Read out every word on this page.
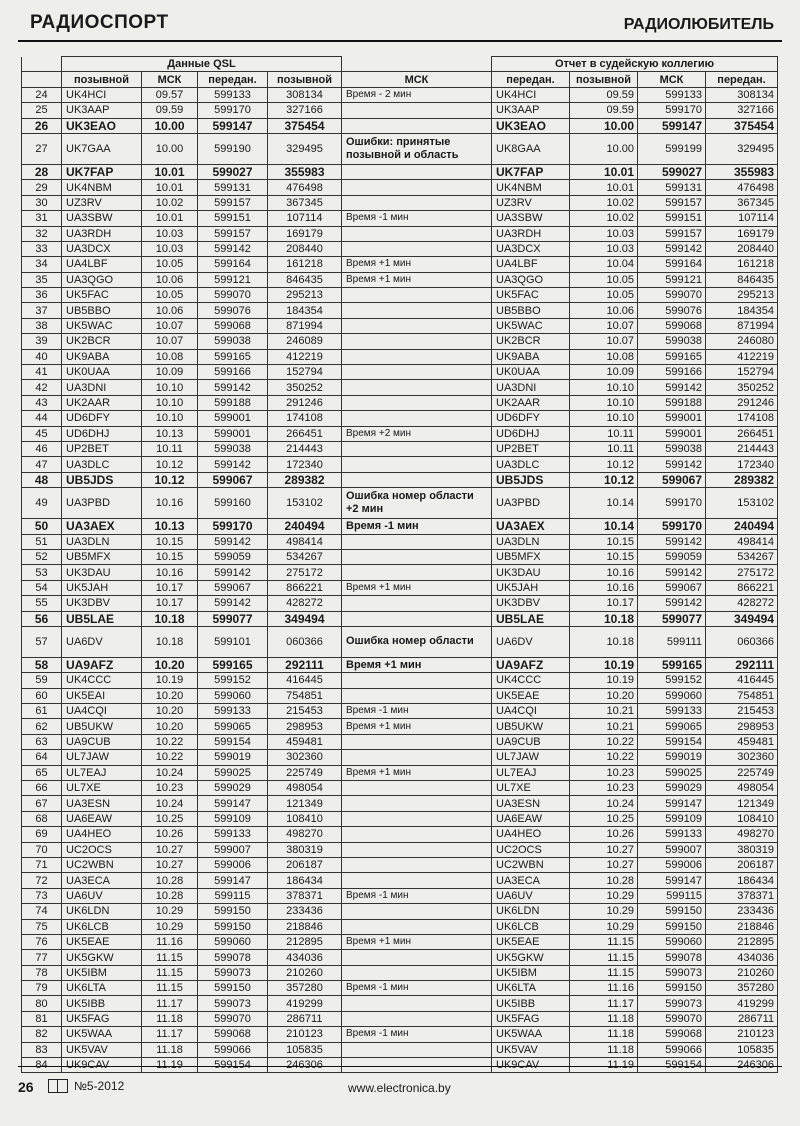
РАДИОСПОРТ	РАДИОЛЮБИТЕЛЬ
	Данные QSL					Отчет в судейскую коллегию			
	позывной	МСК	передан.	позывной	МСК	передан.	позывной	МСК	передан.
24	UK4HCI	09.57	599133	308134	Время - 2 мин	UK4HCI	09.59	599133	308134
25	UK3AAP	09.59	599170	327166		UK3AAP	09.59	599170	327166
26	UK3EAO	10.00	599147	375454		UK3EAO	10.00	599147	375454
27	UK7GAA	10.00	599190	329495	Ошибки: принятые позывной и область	UK8GAA	10.00	599199	329495
28	UK7FAP	10.01	599027	355983		UK7FAP	10.01	599027	355983
29	UK4NBM	10.01	599131	476498		UK4NBM	10.01	599131	476498
30	UZ3RV	10.02	599157	367345		UZ3RV	10.02	599157	367345
31	UA3SBW	10.01	599151	107114	Время -1 мин	UA3SBW	10.02	599151	107114
32	UA3RDH	10.03	599157	169179		UA3RDH	10.03	599157	169179
33	UA3DCX	10.03	599142	208440		UA3DCX	10.03	599142	208440
34	UA4LBF	10.05	599164	161218	Время +1 мин	UA4LBF	10.04	599164	161218
35	UA3QGO	10.06	599121	846435	Время +1 мин	UA3QGO	10.05	599121	846435
36	UK5FAC	10.05	599070	295213		UK5FAC	10.05	599070	295213
37	UB5BBO	10.06	599076	184354		UB5BBO	10.06	599076	184354
38	UK5WAC	10.07	599068	871994		UK5WAC	10.07	599068	871994
39	UK2BCR	10.07	599038	246089		UK2BCR	10.07	599038	246080
40	UK9ABA	10.08	599165	412219		UK9ABA	10.08	599165	412219
41	UK0UAA	10.09	599166	152794		UK0UAA	10.09	599166	152794
42	UA3DNI	10.10	599142	350252		UA3DNI	10.10	599142	350252
43	UK2AAR	10.10	599188	291246		UK2AAR	10.10	599188	291246
44	UD6DFY	10.10	599001	174108		UD6DFY	10.10	599001	174108
45	UD6DHJ	10.13	599001	266451	Время +2 мин	UD6DHJ	10.11	599001	266451
46	UP2BET	10.11	599038	214443		UP2BET	10.11	599038	214443
47	UA3DLC	10.12	599142	172340		UA3DLC	10.12	599142	172340
48	UB5JDS	10.12	599067	289382		UB5JDS	10.12	599067	289382
49	UA3PBD	10.16	599160	153102	Ошибка номер области +2 мин	UA3PBD	10.14	599170	153102
50	UA3AEX	10.13	599170	240494	Время -1 мин	UA3AEX	10.14	599170	240494
51	UA3DLN	10.15	599142	498414		UA3DLN	10.15	599142	498414
52	UB5MFX	10.15	599059	534267		UB5MFX	10.15	599059	534267
53	UK3DAU	10.16	599142	275172		UK3DAU	10.16	599142	275172
54	UK5JAH	10.17	599067	866221	Время +1 мин	UK5JAH	10.16	599067	866221
55	UK3DBV	10.17	599142	428272		UK3DBV	10.17	599142	428272
56	UB5LAE	10.18	599077	349494		UB5LAE	10.18	599077	349494
57	UA6DV	10.18	599101	060366	Ошибка номер области	UA6DV	10.18	599111	060366
58	UA9AFZ	10.20	599165	292111	Время +1 мин	UA9AFZ	10.19	599165	292111
59	UK4CCC	10.19	599152	416445		UK4CCC	10.19	599152	416445
60	UK5EAI	10.20	599060	754851		UK5EAE	10.20	599060	754851
61	UA4CQI	10.20	599133	215453	Время -1 мин	UA4CQI	10.21	599133	215453
62	UB5UKW	10.20	599065	298953	Время +1 мин	UB5UKW	10.21	599065	298953
63	UA9CUB	10.22	599154	459481		UA9CUB	10.22	599154	459481
64	UL7JAW	10.22	599019	302360		UL7JAW	10.22	599019	302360
65	UL7EAJ	10.24	599025	225749	Время +1 мин	UL7EAJ	10.23	599025	225749
66	UL7XE	10.23	599029	498054		UL7XE	10.23	599029	498054
67	UA3ESN	10.24	599147	121349		UA3ESN	10.24	599147	121349
68	UA6EAW	10.25	599109	108410		UA6EAW	10.25	599109	108410
69	UA4HEO	10.26	599133	498270		UA4HEO	10.26	599133	498270
70	UC2OCS	10.27	599007	380319		UC2OCS	10.27	599007	380319
71	UC2WBN	10.27	599006	206187		UC2WBN	10.27	599006	206187
72	UA3ECA	10.28	599147	186434		UA3ECA	10.28	599147	186434
73	UA6UV	10.28	599115	378371	Время -1 мин	UA6UV	10.29	599115	378371
74	UK6LDN	10.29	599150	233436		UK6LDN	10.29	599150	233436
75	UK6LCB	10.29	599150	218846		UK6LCB	10.29	599150	218846
76	UK5EAE	11.16	599060	212895	Время +1 мин	UK5EAE	11.15	599060	212895
77	UK5GKW	11.15	599078	434036		UK5GKW	11.15	599078	434036
78	UK5IBM	11.15	599073	210260		UK5IBM	11.15	599073	210260
79	UK6LTA	11.15	599150	357280	Время -1 мин	UK6LTA	11.16	599150	357280
80	UK5IBB	11.17	599073	419299		UK5IBB	11.17	599073	419299
81	UK5FAG	11.18	599070	286711		UK5FAG	11.18	599070	286711
82	UK5WAA	11.17	599068	210123	Время -1 мин	UK5WAA	11.18	599068	210123
83	UK5VAV	11.18	599066	105835		UK5VAV	11.18	599066	105835
84	UK9CAV	11.19	599154	246306		UK9CAV	11.19	599154	246306
26	№5-2012	www.electronica.by
